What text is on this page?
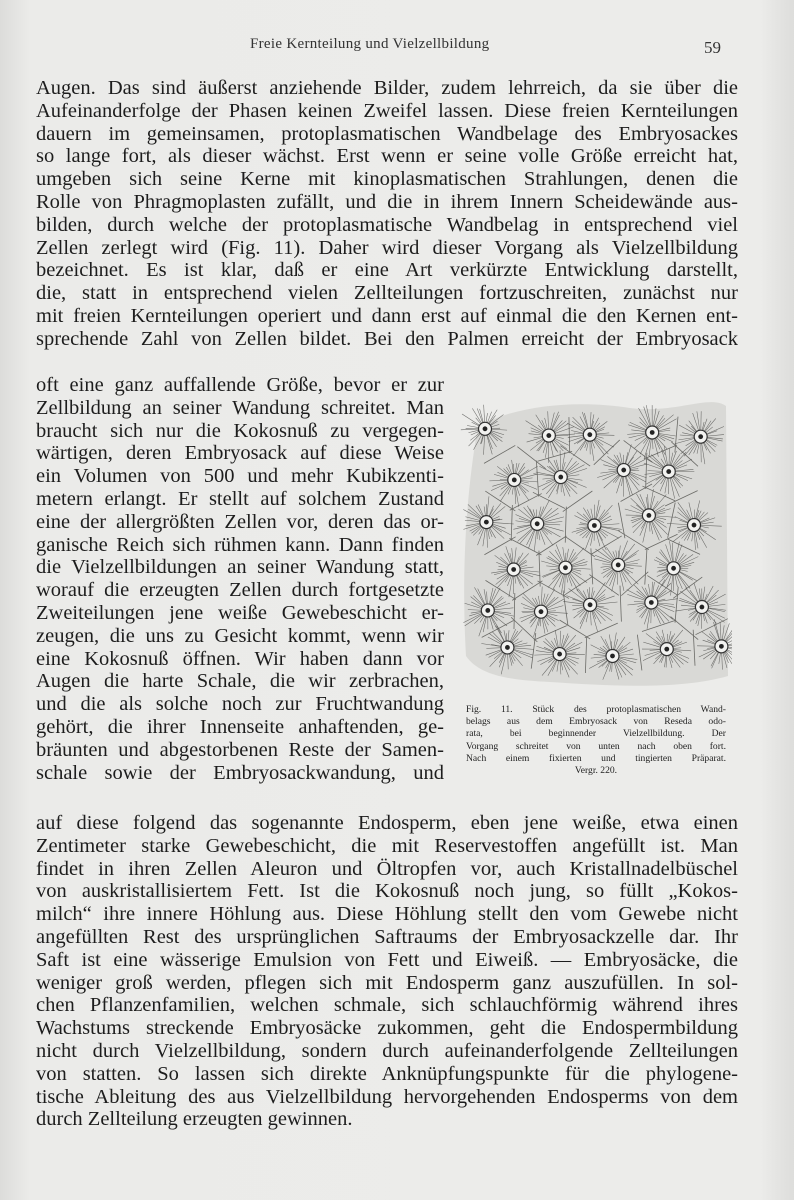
Freie Kernteilung und Vielzellbildung	59
Augen. Das sind äußerst anziehende Bilder, zudem lehrreich, da sie über die
Aufeinanderfolge der Phasen keinen Zweifel lassen. Diese freien Kernteilungen
dauern im gemeinsamen, protoplasmatischen Wandbelage des Embryosackes
so lange fort, als dieser wächst. Erst wenn er seine volle Größe erreicht hat,
umgeben sich seine Kerne mit kinoplasmatischen Strahlungen, denen die
Rolle von Phragmoplasten zufällt, und die in ihrem Innern Scheidewände aus-
bilden, durch welche der protoplasmatische Wandbelag in entsprechend viel
Zellen zerlegt wird (Fig. 11). Daher wird dieser Vorgang als Vielzellbildung
bezeichnet. Es ist klar, daß er eine Art verkürzte Entwicklung darstellt,
die, statt in entsprechend vielen Zellteilungen fortzuschreiten, zunächst nur
mit freien Kernteilungen operiert und dann erst auf einmal die den Kernen ent-
sprechende Zahl von Zellen bildet. Bei den Palmen erreicht der Embryosack
oft eine ganz auffallende Größe, bevor er zur
Zellbildung an seiner Wandung schreitet. Man
braucht sich nur die Kokosnuß zu vergegen-
wärtigen, deren Embryosack auf diese Weise
ein Volumen von 500 und mehr Kubikzenti-
metern erlangt. Er stellt auf solchem Zustand
eine der allergrößten Zellen vor, deren das or-
ganische Reich sich rühmen kann. Dann finden
die Vielzellbildungen an seiner Wandung statt,
worauf die erzeugten Zellen durch fortgesetzte
Zweiteilungen jene weiße Gewebeschicht er-
zeugen, die uns zu Gesicht kommt, wenn wir
eine Kokosnuß öffnen. Wir haben dann vor
Augen die harte Schale, die wir zerbrachen,
und die als solche noch zur Fruchtwandung
gehört, die ihrer Innenseite anhaftenden, ge-
bräunten und abgestorbenen Reste der Samen-
schale sowie der Embryosackwandung, und
auf diese folgend das sogenannte Endosperm, eben jene weiße, etwa einen
Zentimeter starke Gewebeschicht, die mit Reservestoffen angefüllt ist. Man
findet in ihren Zellen Aleuron und Öltropfen vor, auch Kristallnadelbüschel
von auskristallisiertem Fett. Ist die Kokosnuß noch jung, so füllt „Kokos-
milch“ ihre innere Höhlung aus. Diese Höhlung stellt den vom Gewebe nicht
angefüllten Rest des ursprünglichen Saftraums der Embryosackzelle dar. Ihr
Saft ist eine wässerige Emulsion von Fett und Eiweiß. — Embryosäcke, die
weniger groß werden, pflegen sich mit Endosperm ganz auszufüllen. In sol-
chen Pflanzenfamilien, welchen schmale, sich schlauchförmig während ihres
Wachstums streckende Embryosäcke zukommen, geht die Endospermbildung
nicht durch Vielzellbildung, sondern durch aufeinanderfolgende Zellteilungen
von statten. So lassen sich direkte Anknüpfungspunkte für die phylogene-
tische Ableitung des aus Vielzellbildung hervorgehenden Endosperms von dem
durch Zellteilung erzeugten gewinnen.
Fig. 11. Stück des protoplasmatischen Wand-
belags aus dem Embryosack von Reseda odo-
rata, bei beginnender Vielzellbildung. Der
Vorgang schreitet von unten nach oben fort.
Nach einem fixierten und tingierten Präparat.
Vergr. 220.
